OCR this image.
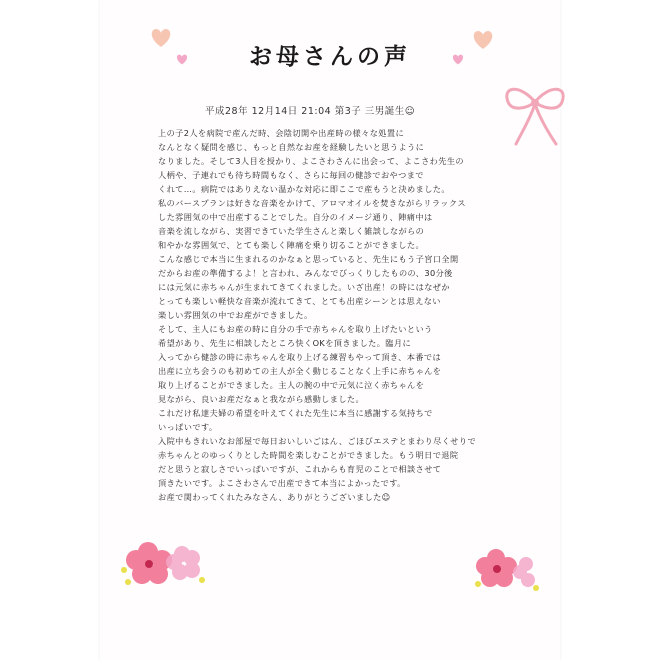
お母さんの声
平成28年 12月14日 21:04 第3子 三男誕生☺
上の子2人を病院で産んだ時、会陰切開や出産時の様々な処置に
なんとなく疑問を感じ、もっと自然なお産を経験したいと思うように
なりました。そして3人目を授かり、よこさわさんに出会って、よこさわ先生の
人柄や、子連れでも待ち時間もなく、さらに毎回の健診でおやつまで
くれて…。病院ではありえない温かな対応に即ここで産もうと決めました。
私のバースプランは好きな音楽をかけて、アロマオイルを焚きながらリラックス
した雰囲気の中で出産することでした。自分のイメージ通り、陣痛中は
音楽を流しながら、実習できていた学生さんと楽しく雑談しながらの
和やかな雰囲気で、とても楽しく陣痛を乗り切ることができました。
こんな感じで本当に生まれるのかなぁと思っていると、先生にもう子宮口全開
だからお産の準備するよ！と言われ、みんなでびっくりしたものの、30分後
には元気に赤ちゃんが生まれてきてくれました。いざ出産！の時にはなぜか
とっても楽しい軽快な音楽が流れてきて、とても出産シーンとは思えない
楽しい雰囲気の中でお産ができました。
そして、主人にもお産の時に自分の手で赤ちゃんを取り上げたいという
希望があり、先生に相談したところ快くOKを頂きました。臨月に
入ってから健診の時に赤ちゃんを取り上げる練習もやって頂き、本番では
出産に立ち会うのも初めての主人が全く動じることなく上手に赤ちゃんを
取り上げることができました。主人の腕の中で元気に泣く赤ちゃんを
見ながら、良いお産だなぁと我ながら感動しました。
これだけ私達夫婦の希望を叶えてくれた先生に本当に感謝する気持ちで
いっぱいです。
入院中もきれいなお部屋で毎日おいしいごはん、ごほびエステとまわり尽くせりで
赤ちゃんとのゆっくりとした時間を楽しむことができました。もう明日で退院
だと思うと寂しさでいっぱいですが、これからも育児のことで相談させて
頂きたいです。よこさわさんで出産できて本当によかったです。
お産で関わってくれたみなさん、ありがとうございました☺
